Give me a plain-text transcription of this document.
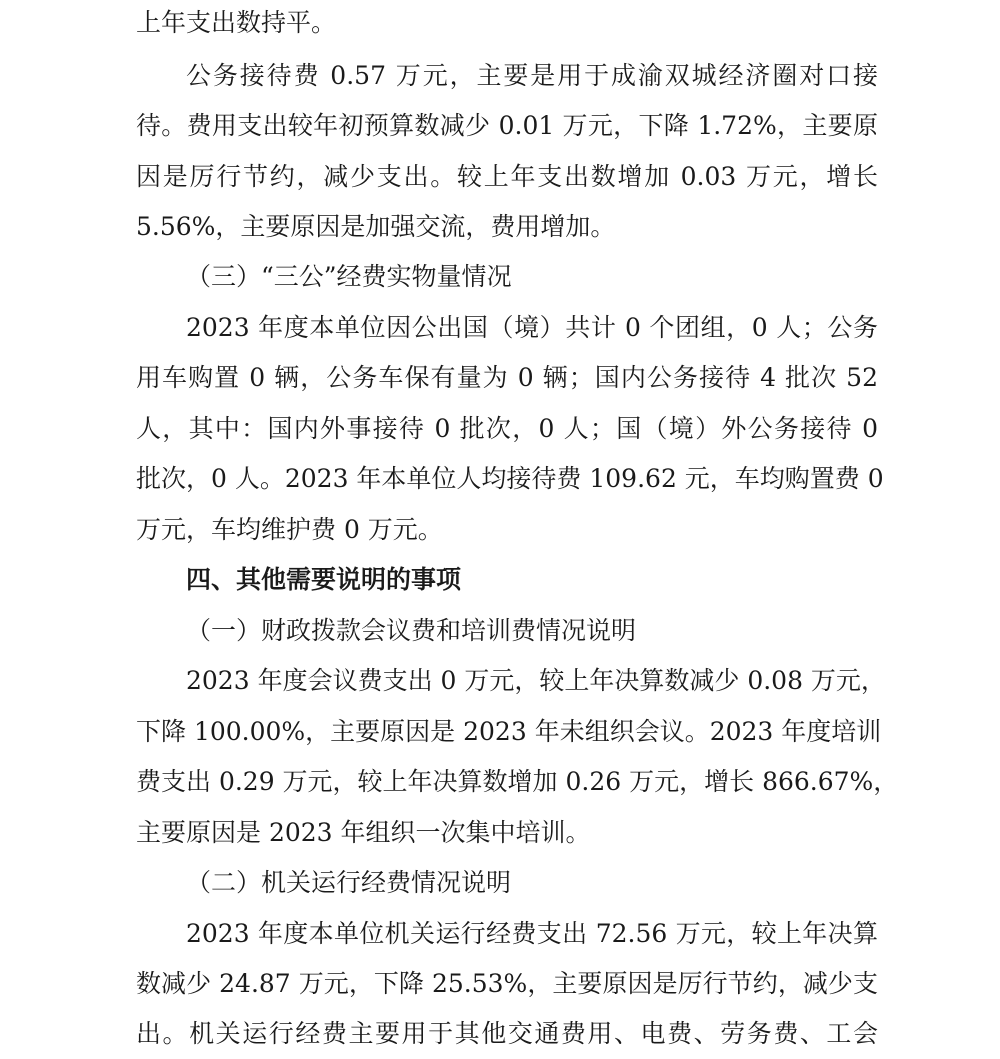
上年支出数持平。
公务接待费 0.57 万元，主要是用于成渝双城经济圈对口接
待。费用支出较年初预算数减少 0.01 万元，下降 1.72%，主要原
因是厉行节约，减少支出。较上年支出数增加 0.03 万元，增长
5.56%，主要原因是加强交流，费用增加。
（三）“三公”经费实物量情况
2023 年度本单位因公出国（境）共计 0 个团组，0 人；公务
用车购置 0 辆，公务车保有量为 0 辆；国内公务接待 4 批次 52
人，其中：国内外事接待 0 批次，0 人；国（境）外公务接待 0
批次，0 人。2023 年本单位人均接待费 109.62 元，车均购置费 0
万元，车均维护费 0 万元。
四、其他需要说明的事项
（一）财政拨款会议费和培训费情况说明
2023 年度会议费支出 0 万元，较上年决算数减少 0.08 万元，
下降 100.00%，主要原因是 2023 年未组织会议。2023 年度培训
费支出 0.29 万元，较上年决算数增加 0.26 万元，增长 866.67%，
主要原因是 2023 年组织一次集中培训。
（二）机关运行经费情况说明
2023 年度本单位机关运行经费支出 72.56 万元，较上年决算
数减少 24.87 万元，下降 25.53%，主要原因是厉行节约，减少支
出。机关运行经费主要用于其他交通费用、电费、劳务费、工会
